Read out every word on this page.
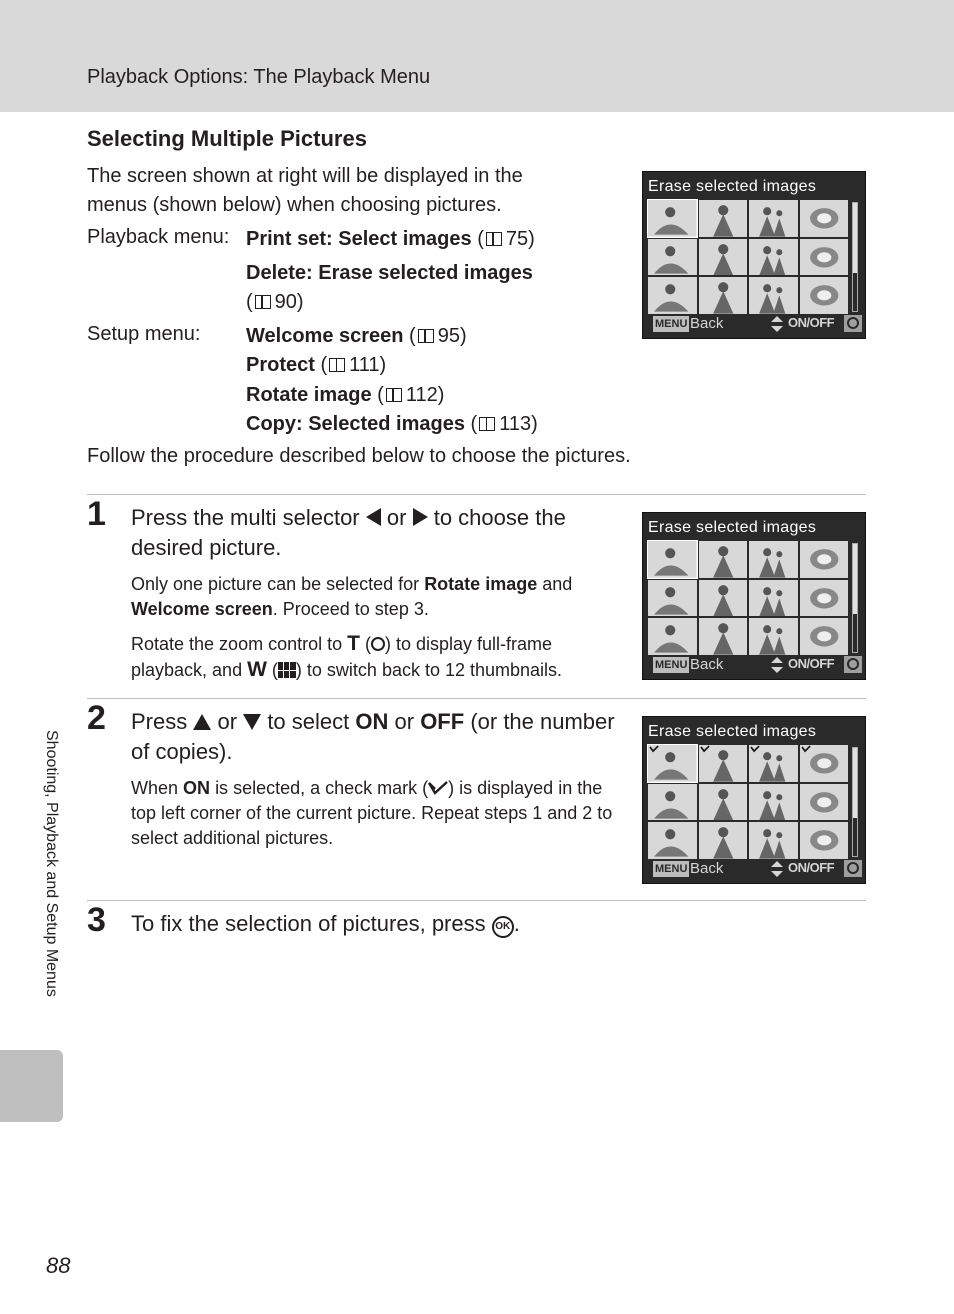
Playback Options: The Playback Menu
Selecting Multiple Pictures
The screen shown at right will be displayed in the menus (shown below) when choosing pictures.
Playback menu: Print set: Select images ( 75)
Delete: Erase selected images
( 90)
Setup menu: Welcome screen ( 95)
Protect ( 111)
Rotate image ( 112)
Copy: Selected images ( 113)
Follow the procedure described below to choose the pictures.
1 Press the multi selector or to choose the desired picture.
Only one picture can be selected for Rotate image and Welcome screen. Proceed to step 3.
Rotate the zoom control to T ( ) to display full-frame playback, and W ( ) to switch back to 12 thumbnails.
2 Press or to select ON or OFF (or the number of copies).
When ON is selected, a check mark ( ) is displayed in the top left corner of the current picture. Repeat steps 1 and 2 to select additional pictures.
3 To fix the selection of pictures, press OK .
Erase selected images
MENU Back	ON/OFF
Erase selected images
MENU Back	ON/OFF
Erase selected images
MENU Back	ON/OFF
Shooting, Playback and Setup Menus
88
